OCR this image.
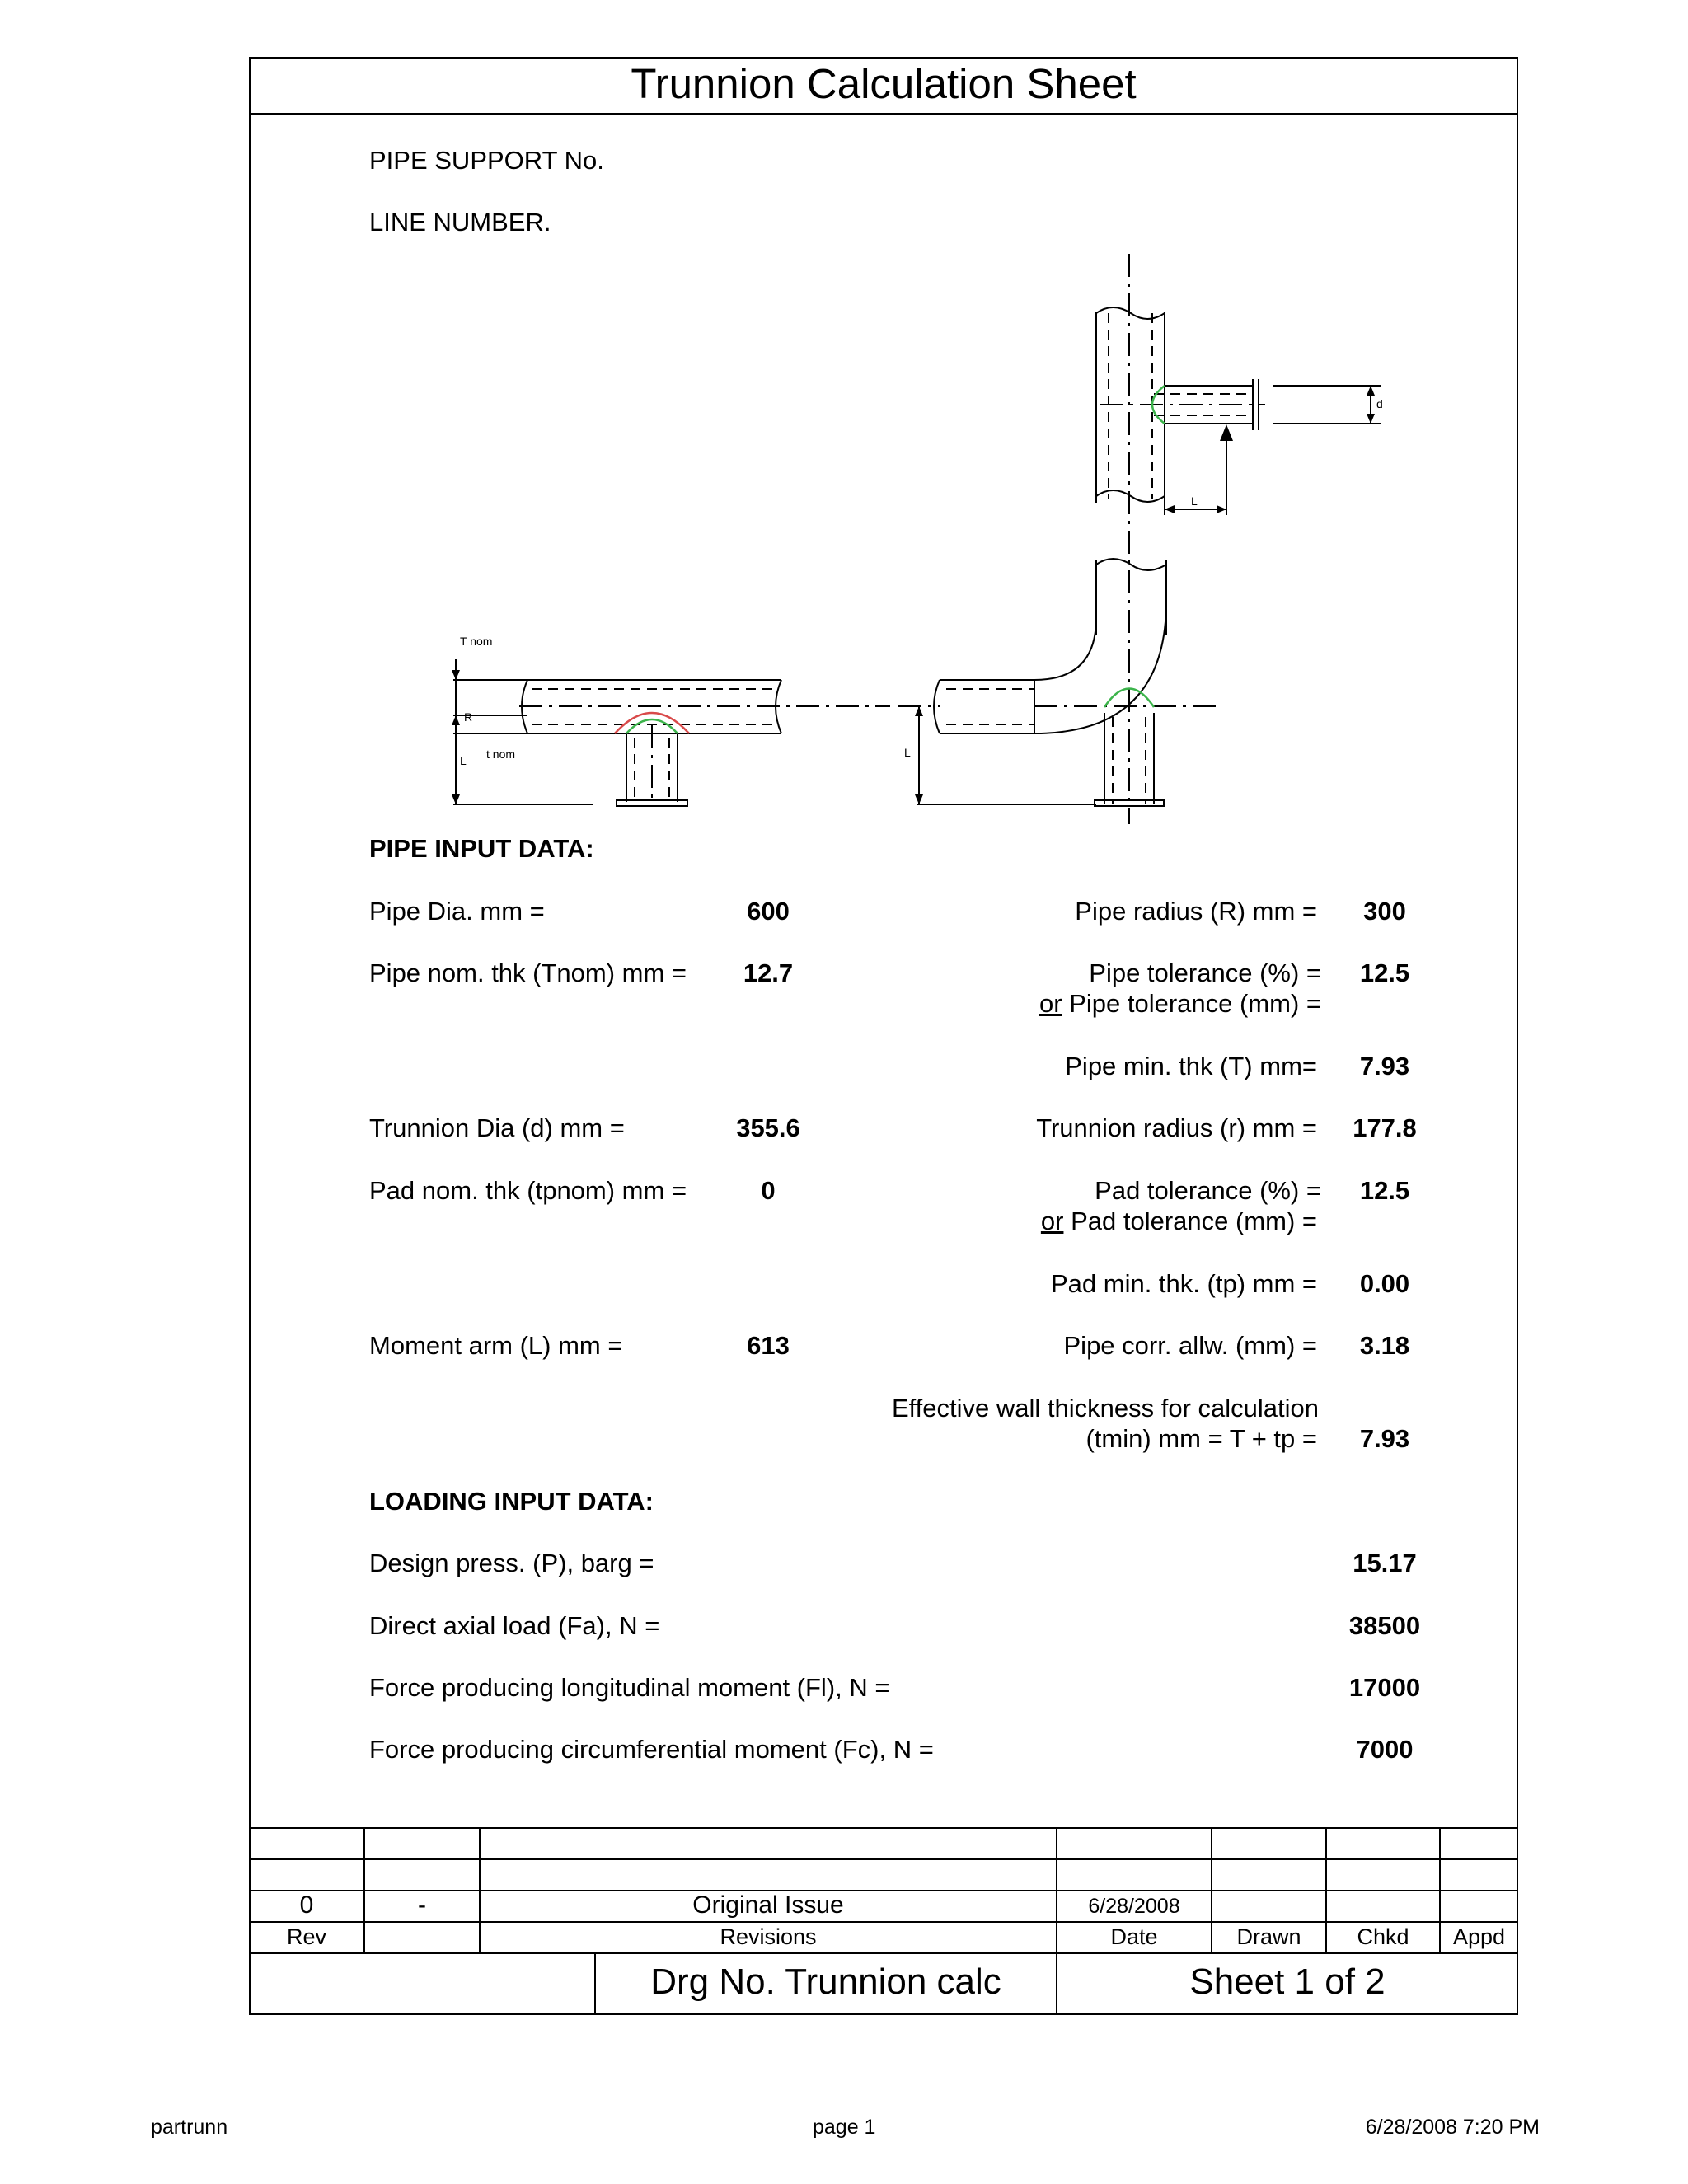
Trunnion Calculation Sheet
PIPE SUPPORT No.
LINE NUMBER.
T nom
R
L t nom	L
d
L
PIPE INPUT DATA:
Pipe Dia. mm =	600	Pipe radius (R) mm =	300
Pipe nom. thk (Tnom) mm =	12.7	Pipe tolerance (%) =	12.5
or Pipe tolerance (mm) =
Pipe min. thk (T) mm=	7.93
Trunnion Dia (d) mm =	355.6	Trunnion radius (r) mm =	177.8
Pad nom. thk (tpnom) mm =	0	Pad tolerance (%) =	12.5
or Pad tolerance (mm) =
Pad min. thk. (tp) mm =	0.00
Moment arm (L) mm =	613	Pipe corr. allw. (mm) =	3.18
Effective wall thickness for calculation
(tmin) mm = T + tp =	7.93
LOADING INPUT DATA:
Design press. (P), barg =	15.17
Direct axial load (Fa), N =	38500
Force producing longitudinal moment (Fl), N =	17000
Force producing circumferential moment (Fc), N =	7000
0	-	Original Issue	6/28/2008
Rev	Revisions	Date	Drawn	Chkd	Appd
Drg No. Trunnion calc	Sheet 1 of 2
partrunn	page 1	6/28/2008 7:20 PM
